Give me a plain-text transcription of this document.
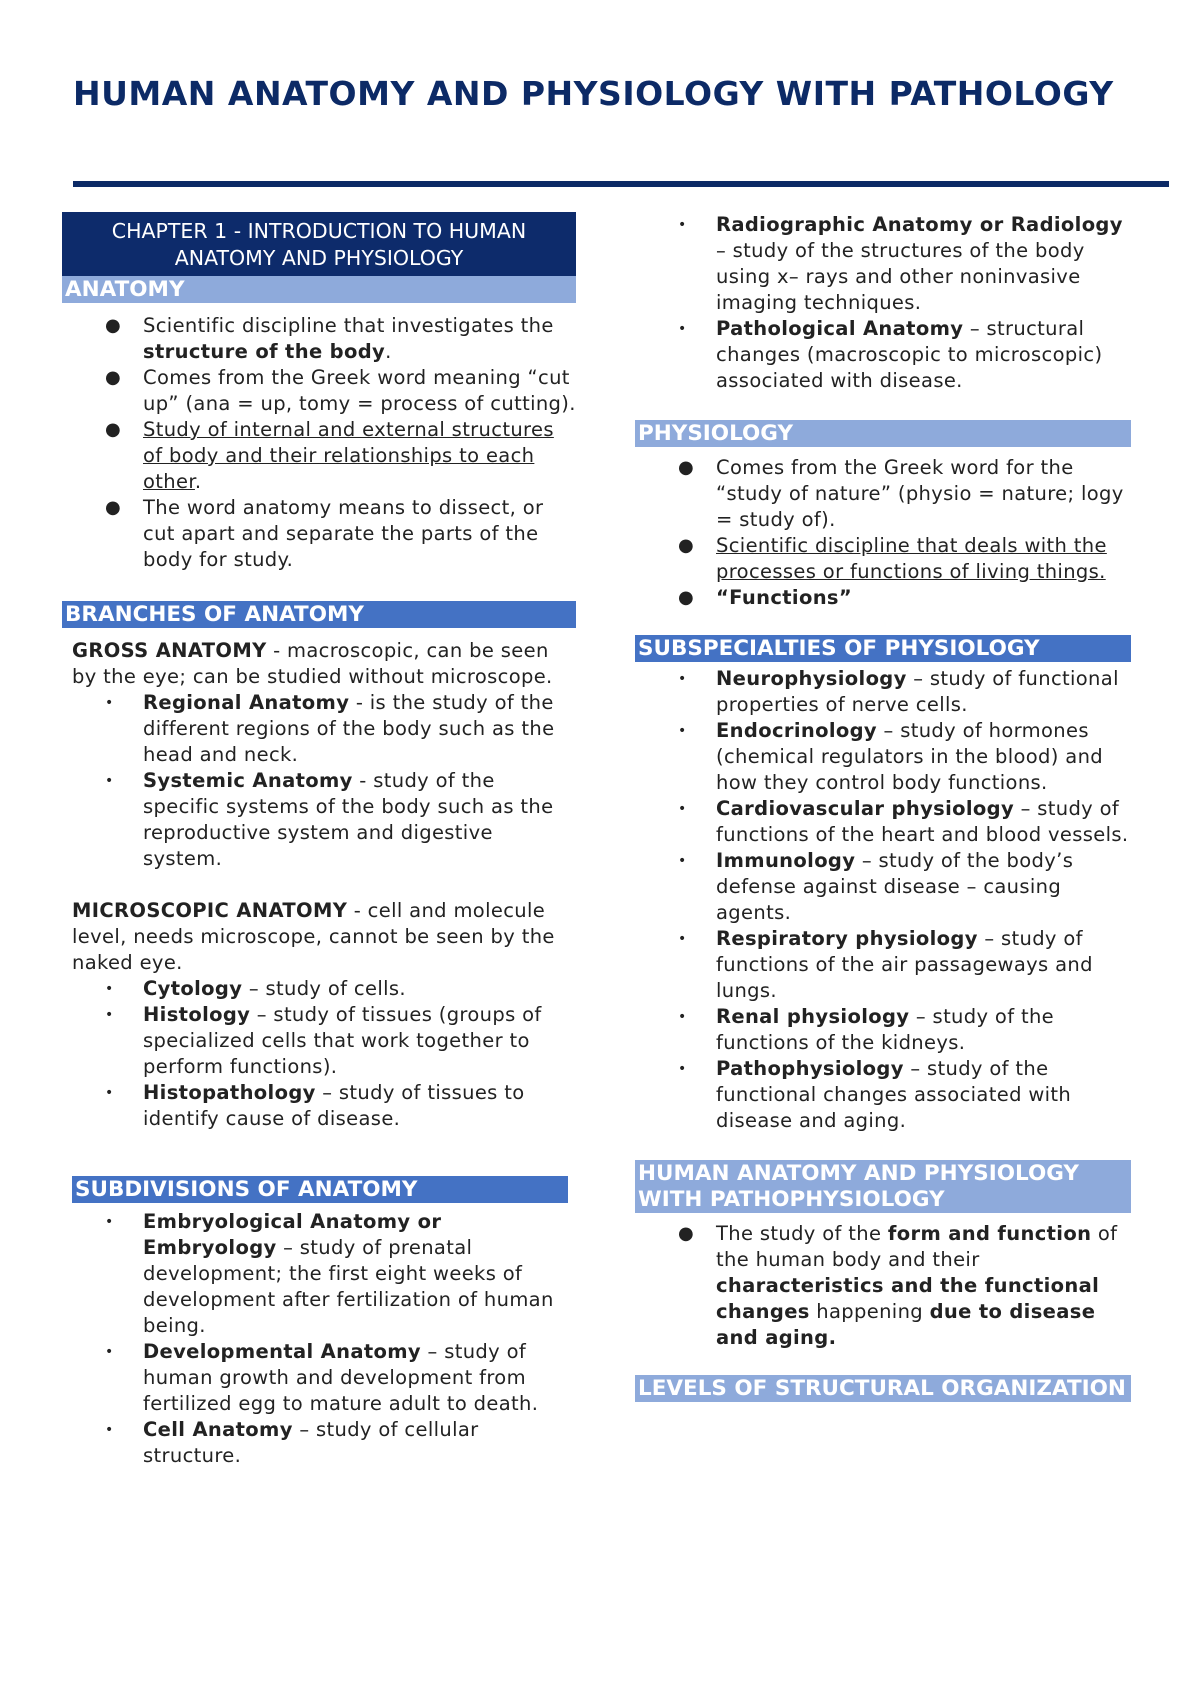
HUMAN ANATOMY AND PHYSIOLOGY WITH PATHOLOGY
CHAPTER 1 - INTRODUCTION TO HUMAN ANATOMY AND PHYSIOLOGY
ANATOMY
● Scientific discipline that investigates the structure of the body.
● Comes from the Greek word meaning “cut up” (ana = up, tomy = process of cutting).
● Study of internal and external structures of body and their relationships to each other.
● The word anatomy means to dissect, or cut apart and separate the parts of the body for study.
BRANCHES OF ANATOMY
GROSS ANATOMY - macroscopic, can be seen by the eye; can be studied without microscope.
• Regional Anatomy - is the study of the different regions of the body such as the head and neck.
• Systemic Anatomy - study of the specific systems of the body such as the reproductive system and digestive system.
MICROSCOPIC ANATOMY - cell and molecule level, needs microscope, cannot be seen by the naked eye.
• Cytology – study of cells.
• Histology – study of tissues (groups of specialized cells that work together to perform functions).
• Histopathology – study of tissues to identify cause of disease.
SUBDIVISIONS OF ANATOMY
• Embryological Anatomy or Embryology – study of prenatal development; the first eight weeks of development after fertilization of human being.
• Developmental Anatomy – study of human growth and development from fertilized egg to mature adult to death.
• Cell Anatomy – study of cellular structure.
• Radiographic Anatomy or Radiology – study of the structures of the body using x– rays and other noninvasive imaging techniques.
• Pathological Anatomy – structural changes (macroscopic to microscopic) associated with disease.
PHYSIOLOGY
● Comes from the Greek word for the “study of nature” (physio = nature; logy = study of).
● Scientific discipline that deals with the processes or functions of living things.
● “Functions”
SUBSPECIALTIES OF PHYSIOLOGY
• Neurophysiology – study of functional properties of nerve cells.
• Endocrinology – study of hormones (chemical regulators in the blood) and how they control body functions.
• Cardiovascular physiology – study of functions of the heart and blood vessels.
• Immunology – study of the body’s defense against disease – causing agents.
• Respiratory physiology – study of functions of the air passageways and lungs.
• Renal physiology – study of the functions of the kidneys.
• Pathophysiology – study of the functional changes associated with disease and aging.
HUMAN ANATOMY AND PHYSIOLOGY WITH PATHOPHYSIOLOGY
● The study of the form and function of the human body and their characteristics and the functional changes happening due to disease and aging.
LEVELS OF STRUCTURAL ORGANIZATION
